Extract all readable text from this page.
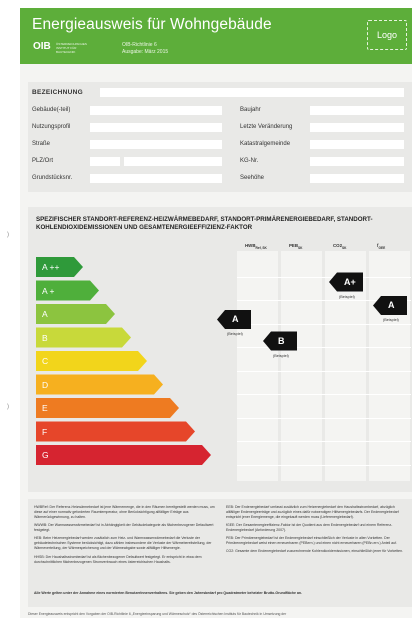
Energieausweis für Wohngebäude
OIB ÖSTERREICHISCHES INSTITUT FÜR BAUTECHNIK
OIB-Richtlinie 6
Ausgabe: März 2015
Logo
BEZEICHNUNG
Gebäude(-teil)
Nutzungsprofil
Straße
PLZ/Ort
Grundstücksnr.
Baujahr
Letzte Veränderung
Katastralgemeinde
KG-Nr.
Seehöhe
SPEZIFISCHER STANDORT-REFERENZ-HEIZWÄRMEBEDARF, STANDORT-PRIMÄRENERGIEBEDARF, STANDORT-KOHLENDIOXIDEMISSIONEN UND GESAMTENERGIEEFFIZIENZ-FAKTOR
$HWB_{Ref, SK}$	$PEB_{SK}$	$CO2_{SK}$	$f_{GEE}$
A ++
A +
A
B
C
D
E
F
G
A
(Beispiel)
B
(Beispiel)
A+
(Beispiel)
A
(Beispiel)

HWBRef: Der Referenz-Heizwärmebedarf ist jene Wärmemenge, die in den Räumen bereitgestellt werden muss, um diese auf einer normativ geforderten Raumtemperatur, ohne Berücksichtigung allfälliger Erträge aus Wärmerückgewinnung, zu halten.

WWWB: Der Warmwasserwärmebedarf ist in Abhängigkeit der Gebäudekategorie als flächenbezogener Defaultwert festgelegt.

HEB: Beim Heizenergiebedarf werden zusätzlich zum Heiz- und Warmwasserwärmebedarf die Verluste der gebäudetechnischen Systeme berücksichtigt, dazu zählen insbesondere die Verluste der Wärmebereitstellung, der Wärmeverteilung, der Wärmespeicherung und der Wärmeabgabe sowie allfälliger Hilfsenergie.

HHSB: Der Haushaltsstrombedarf ist als flächenbezogener Defaultwert festgelegt. Er entspricht in etwa dem durchschnittlichen flächenbezogenen Stromverbrauch eines österreichischen Haushalts.

EEB: Der Endenergiebedarf umfasst zusätzlich zum Heizenergiebedarf den Haushaltsstrombedarf, abzüglich allfälliger Endenergieerträge und zuzüglich eines dafür notwendigen Hilfsenergiebedarfs. Der Endenergiebedarf entspricht jener Energiemenge, die eingekauft werden muss (Lieferenergiebedarf).

fGEE: Der Gesamtenergieeffizienz-Faktor ist der Quotient aus dem Endenergiebedarf und einem Referenz-Endenergiebedarf (Anforderung 2007).

PEB: Der Primärenergiebedarf ist der Endenergiebedarf einschließlich der Verluste in allen Vorketten. Der Primärenergiebedarf weist einen erneuerbaren (PEBern.) und einen nicht erneuerbaren (PEBn.ern.) Anteil auf.

CO2: Gesamte dem Endenergiebedarf zuzurechnende Kohlendioxidemissionen, einschließlich jener für Vorketten.

Alle Werte gelten unter der Annahme eines normierten BenutzerInnenverhaltens. Sie geben den Jahresbedarf pro Quadratmeter beheizter Brutto-Grundfläche an.
Dieser Energieausweis entspricht den Vorgaben der OIB-Richtlinie 6 „Energieeinsparung und Wärmeschutz“ des Österreichischen Instituts für Bautechnik in Umsetzung der
)
)
